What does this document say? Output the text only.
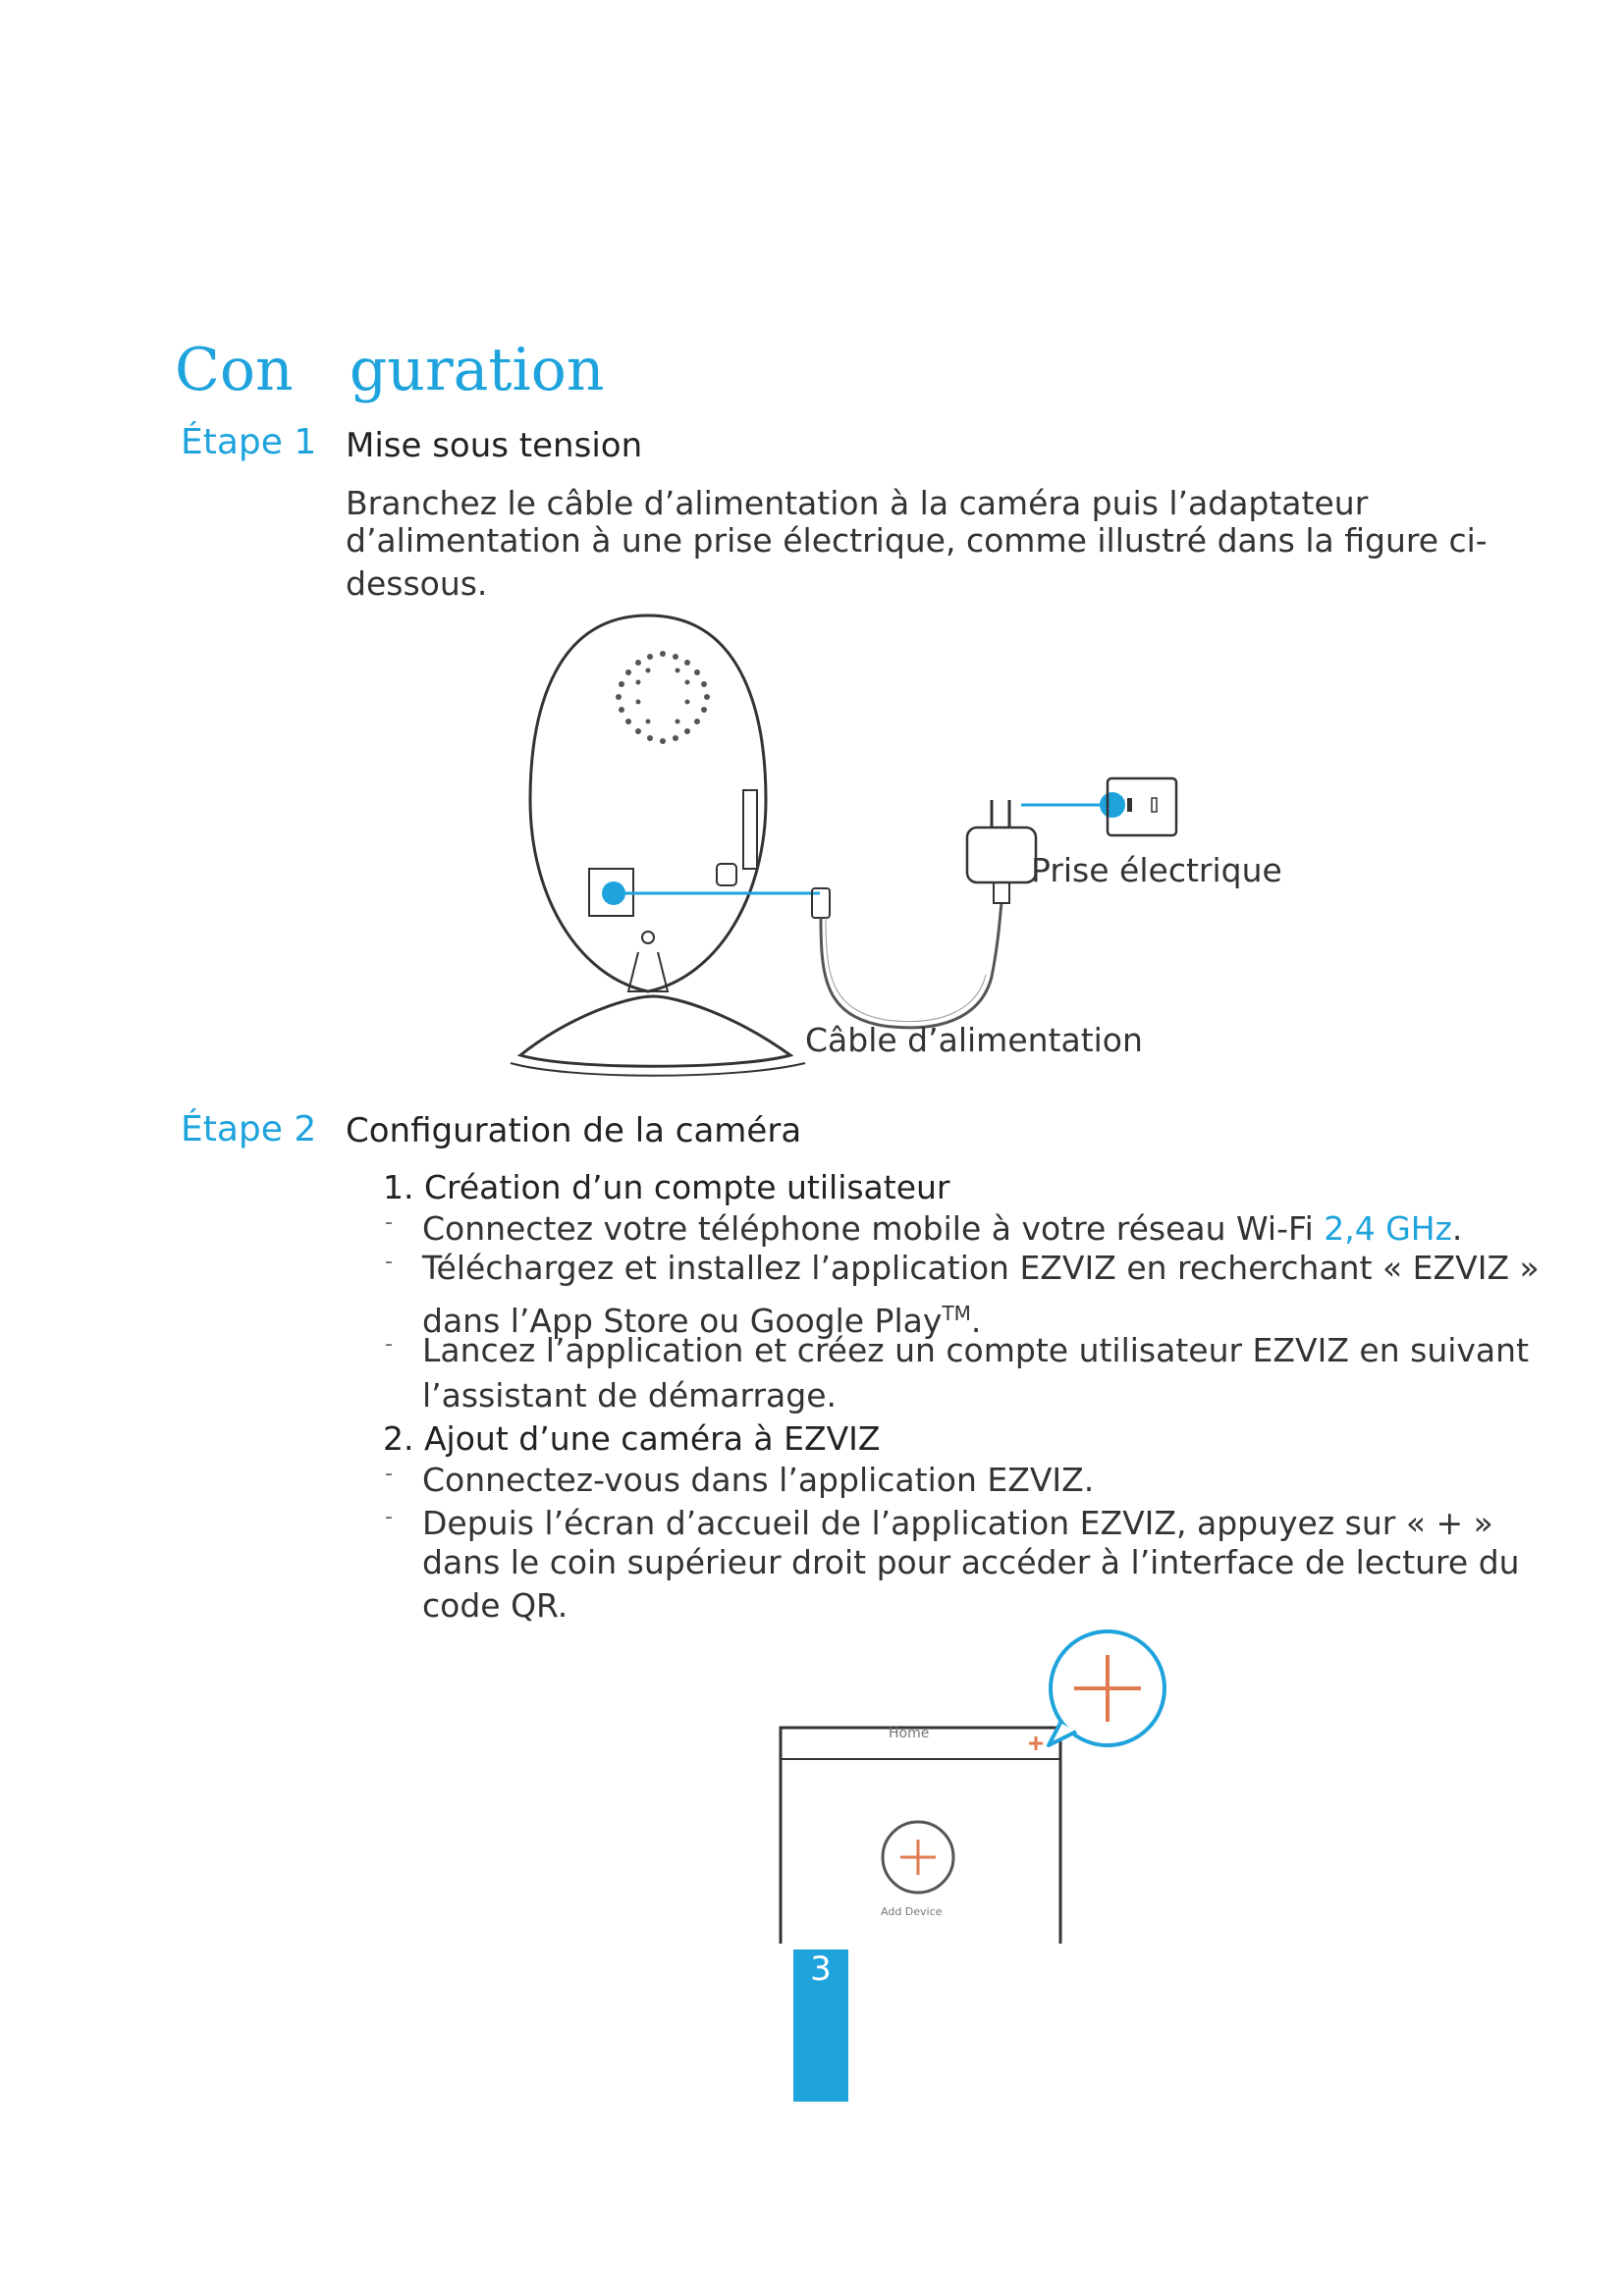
Con   guration
Étape 1 Mise sous tension
Branchez le câble d’alimentation à la caméra puis l’adaptateur
d’alimentation à une prise électrique, comme illustré dans la figure ci-
dessous.
Prise électrique
Câble d’alimentation
Étape 2 Configuration de la caméra
1. Création d’un compte utilisateur
- Connectez votre téléphone mobile à votre réseau Wi-Fi 2,4 GHz.
- Téléchargez et installez l’application EZVIZ en recherchant « EZVIZ »
dans l’App Store ou Google Play™.
- Lancez l’application et créez un compte utilisateur EZVIZ en suivant
l’assistant de démarrage.
2. Ajout d’une caméra à EZVIZ
- Connectez-vous dans l’application EZVIZ.
- Depuis l’écran d’accueil de l’application EZVIZ, appuyez sur « + »
dans le coin supérieur droit pour accéder à l’interface de lecture du
code QR.
Home
Add Device
3
